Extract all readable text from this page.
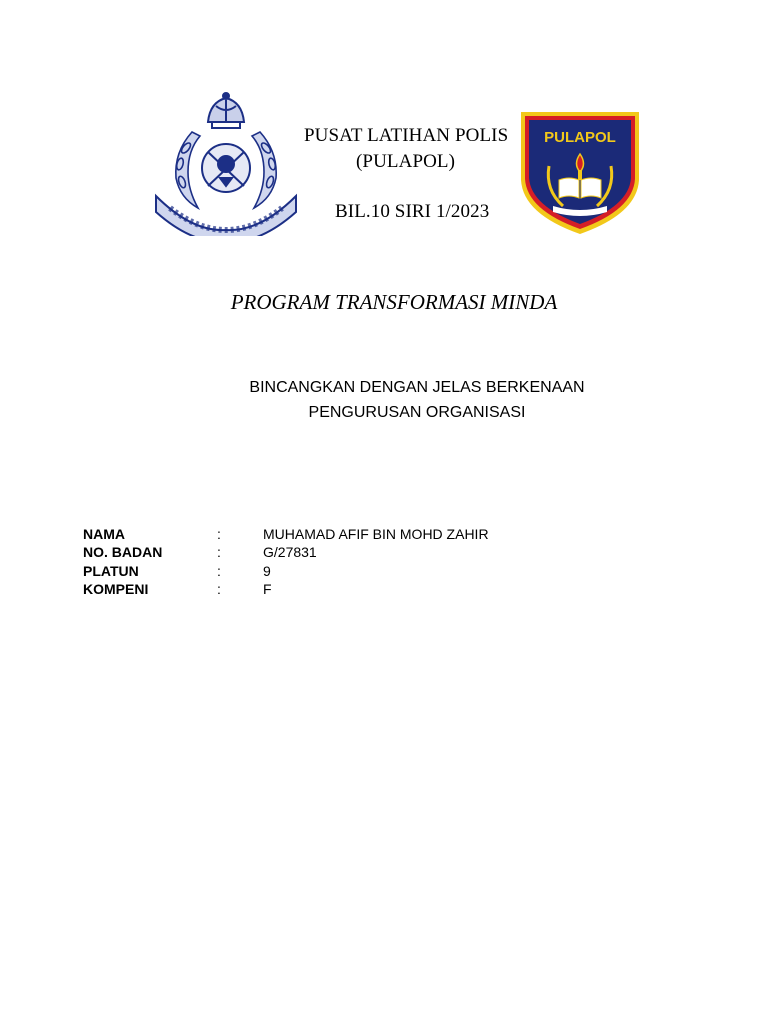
PUSAT LATIHAN POLIS
(PULAPOL)
BIL.10 SIRI 1/2023
PULAPOL
PROGRAM TRANSFORMASI MINDA
BINCANGKAN DENGAN JELAS BERKENAAN
PENGURUSAN ORGANISASI
NAMA	:	MUHAMAD AFIF BIN MOHD ZAHIR
NO. BADAN	:	G/27831
PLATUN	:	9
KOMPENI	:	F
